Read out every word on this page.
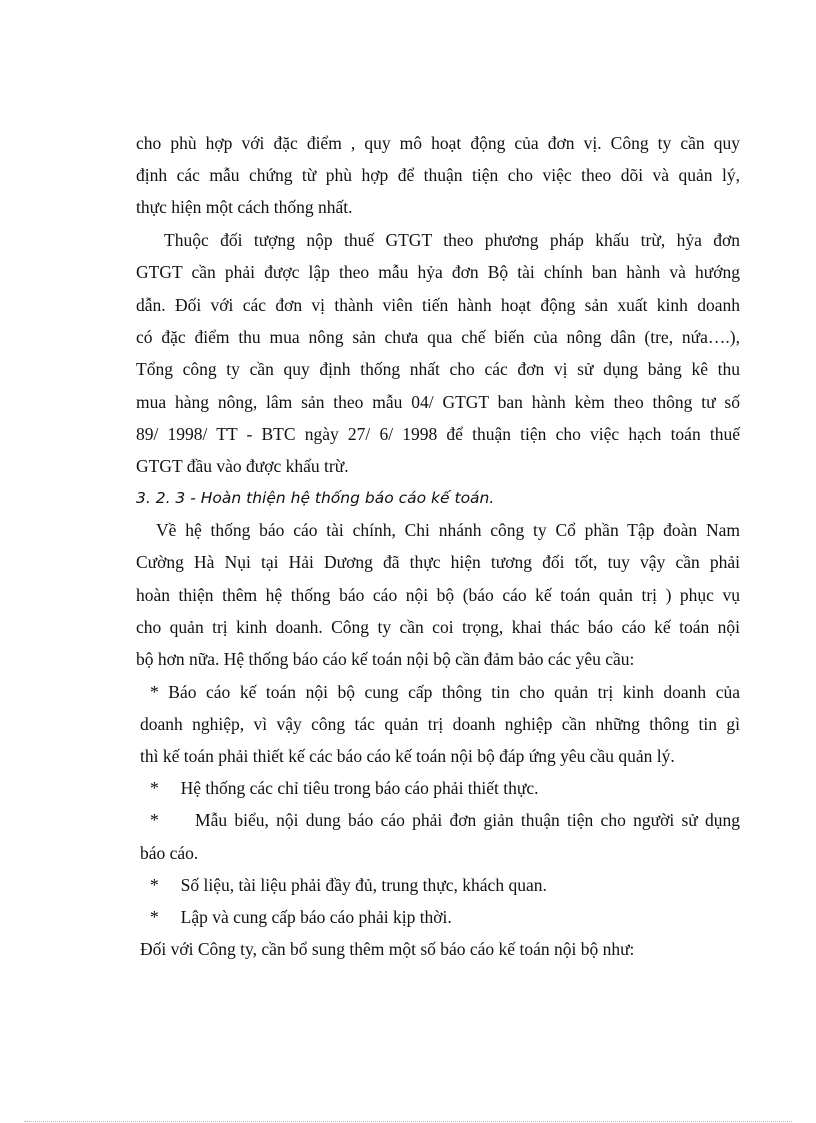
cho phù hợp với đặc điểm , quy mô hoạt động của đơn vị. Công ty cần quy
định các mẫu chứng từ phù hợp để thuận tiện cho việc theo dõi và quản lý,
thực hiện một cách thống nhất.
Thuộc đối tượng nộp thuế GTGT theo phương pháp khấu trừ, hỷa đơn
GTGT cần phải được lập theo mẫu hỷa đơn Bộ tài chính ban hành và hướng
dẫn. Đối với các đơn vị thành viên tiến hành hoạt động sản xuất kinh doanh
có đặc điểm thu mua nông sản chưa qua chế biến của nông dân (tre, nứa….),
Tổng công ty cần quy định thống nhất cho các đơn vị sử dụng bảng kê thu
mua hàng nông, lâm sản theo mẫu 04/ GTGT ban hành kèm theo thông tư số
89/ 1998/ TT - BTC ngày 27/ 6/ 1998 để thuận tiện cho việc hạch toán thuế
GTGT đầu vào được khấu trừ.
3. 2. 3 - Hoàn thiện hệ thống báo cáo kế toán.
Về hệ thống báo cáo tài chính, Chi nhánh công ty Cổ phần Tập đoàn Nam
Cường Hà Nụi tại Hải Dương đã thực hiện tương đối tốt, tuy vậy cần phải
hoàn thiện thêm hệ thống báo cáo nội bộ (báo cáo kế toán quản trị ) phục vụ
cho quản trị kinh doanh. Công ty cần coi trọng, khai thác báo cáo kế toán nội
bộ hơn nữa. Hệ thống báo cáo kế toán nội bộ cần đảm bảo các yêu cầu:
* Báo cáo kế toán nội bộ cung cấp thông tin cho quản trị kinh doanh của
doanh nghiệp, vì vậy công tác quản trị doanh nghiệp cần những thông tin gì
thì kế toán phải thiết kế các báo cáo kế toán nội bộ đáp ứng yêu cầu quản lý.
*     Hệ thống các chỉ tiêu trong báo cáo phải thiết thực.
*     Mẫu biểu, nội dung báo cáo phải đơn giản thuận tiện cho người sử dụng
báo cáo.
*     Số liệu, tài liệu phải đầy đủ, trung thực, khách quan.
*     Lập và cung cấp báo cáo phải kịp thời.
Đối với Công ty, cần bổ sung thêm một số báo cáo kế toán nội bộ như:
